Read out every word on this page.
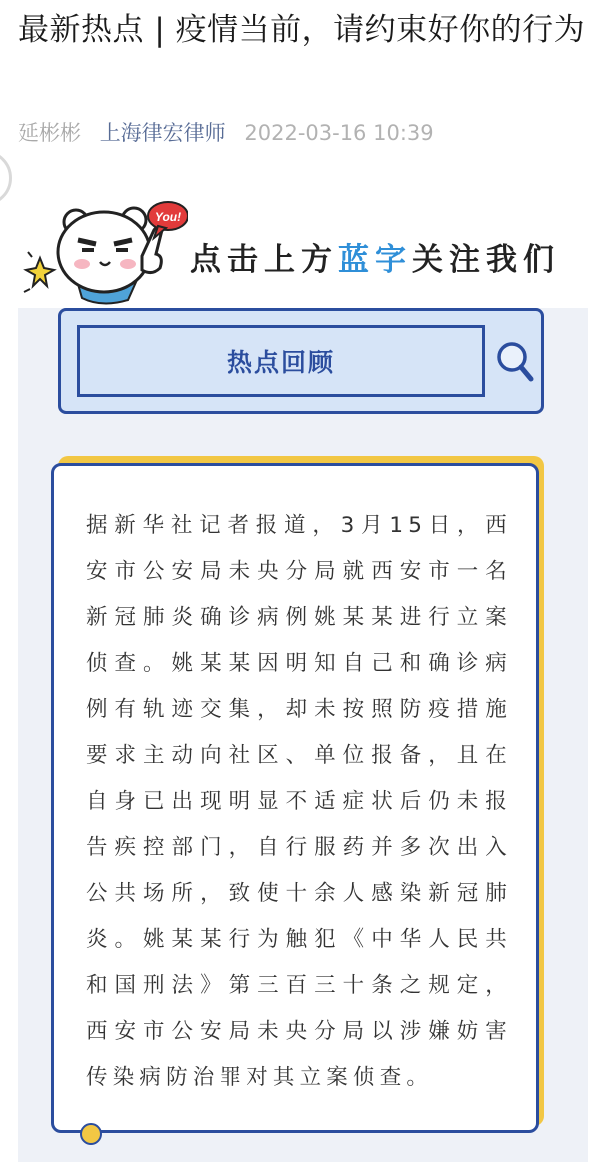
最新热点 | 疫情当前，请约束好你的行为
延彬彬 上海律宏律师 2022-03-16 10:39
You!
点击上方蓝字关注我们
热点回顾

据新华社记者报道，3月15日，西安市公安局未央分局就西安市一名新冠肺炎确诊病例姚某某进行立案侦查。姚某某因明知自己和确诊病例有轨迹交集，却未按照防疫措施要求主动向社区、单位报备，且在自身已出现明显不适症状后仍未报告疾控部门，自行服药并多次出入公共场所，致使十余人感染新冠肺炎。姚某某行为触犯《中华人民共和国刑法》第三百三十条之规定，西安市公安局未央分局以涉嫌妨害传染病防治罪对其立案侦查。
